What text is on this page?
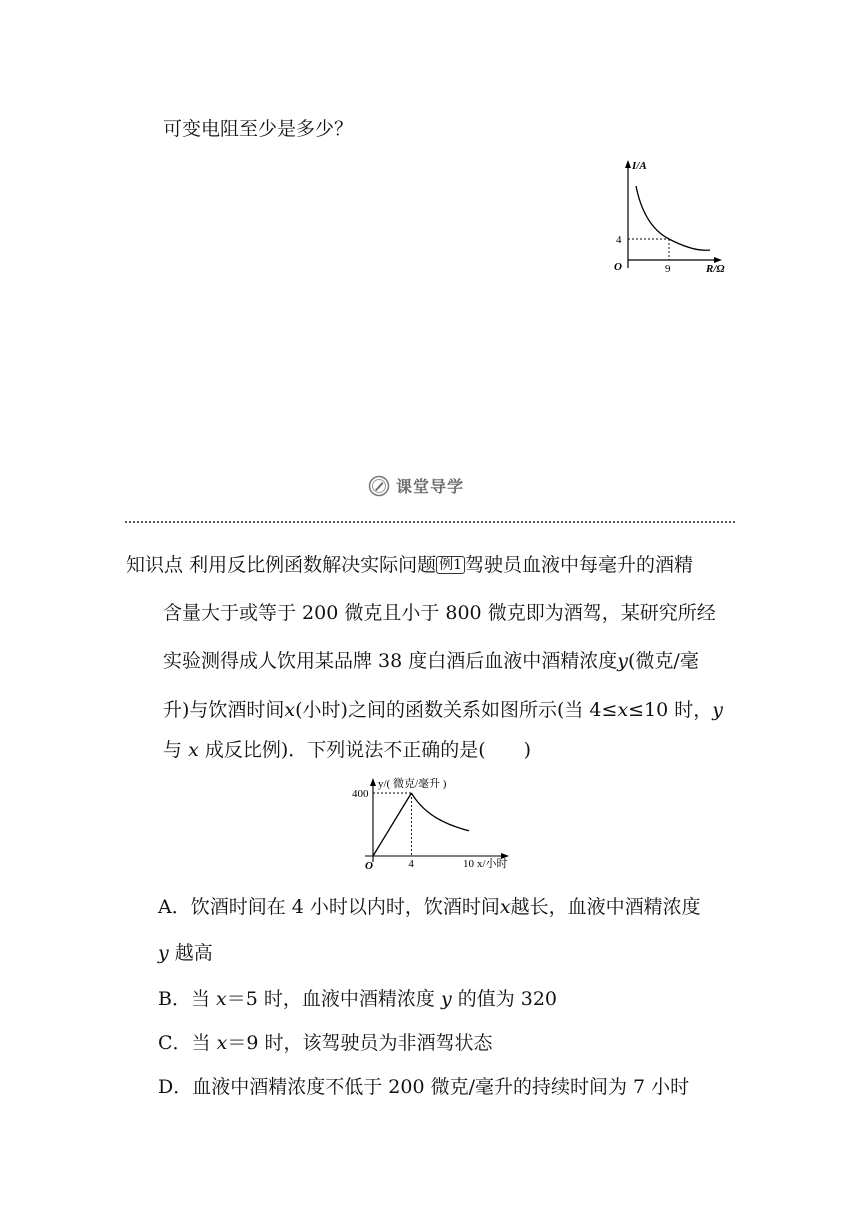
可变电阻至少是多少？
I/A
R/Ω
O
4
9
课堂导学
知识点 利用反比例函数解决实际问题 例1 驾驶员血液中每毫升的酒精
含量大于或等于 200 微克且小于 800 微克即为酒驾，某研究所经
实验测得成人饮用某品牌 38 度白酒后血液中酒精浓度y(微克/毫
升)与饮酒时间x(小时)之间的函数关系如图所示(当 4≤x≤10 时，y
与 x 成反比例)．下列说法不正确的是( )
y/( 微克/毫升 )
x/小时
O
400
4	10
A．饮酒时间在 4 小时以内时，饮酒时间x越长，血液中酒精浓度
y 越高
B．当 x＝5 时，血液中酒精浓度 y 的值为 320
C．当 x＝9 时，该驾驶员为非酒驾状态
D．血液中酒精浓度不低于 200 微克/毫升的持续时间为 7 小时
